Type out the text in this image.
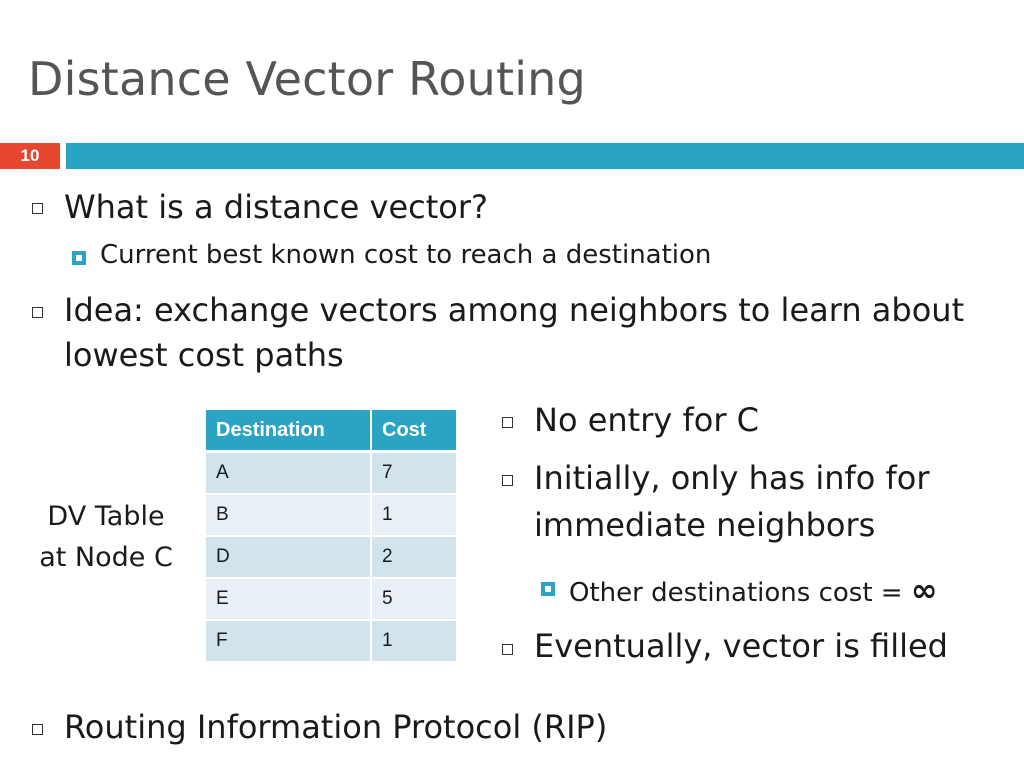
Distance Vector Routing
10
What is a distance vector?
Current best known cost to reach a destination
Idea: exchange vectors among neighbors to learn about
lowest cost paths
DV Table
at Node C
Destination	Cost
A	7
B	1
D	2
E	5
F	1
No entry for C
Initially, only has info for
immediate neighbors
Other destinations cost = ∞
Eventually, vector is filled
Routing Information Protocol (RIP)
